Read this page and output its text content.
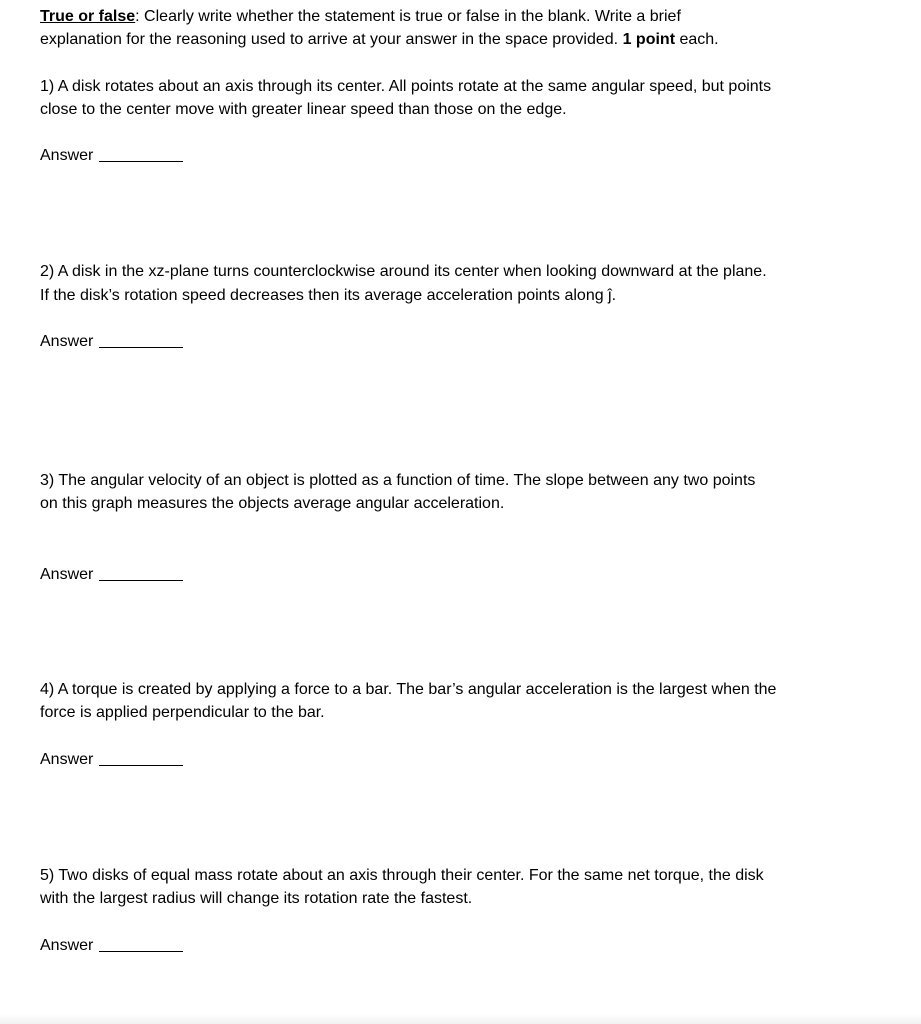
True or false: Clearly write whether the statement is true or false in the blank. Write a brief
explanation for the reasoning used to arrive at your answer in the space provided. 1 point each.
1) A disk rotates about an axis through its center. All points rotate at the same angular speed, but points
close to the center move with greater linear speed than those on the edge.
Answer
2) A disk in the xz-plane turns counterclockwise around its center when looking downward at the plane.
If the disk’s rotation speed decreases then its average acceleration points along ĵ.
Answer
3) The angular velocity of an object is plotted as a function of time. The slope between any two points
on this graph measures the objects average angular acceleration.
Answer
4) A torque is created by applying a force to a bar. The bar’s angular acceleration is the largest when the
force is applied perpendicular to the bar.
Answer
5) Two disks of equal mass rotate about an axis through their center. For the same net torque, the disk
with the largest radius will change its rotation rate the fastest.
Answer
